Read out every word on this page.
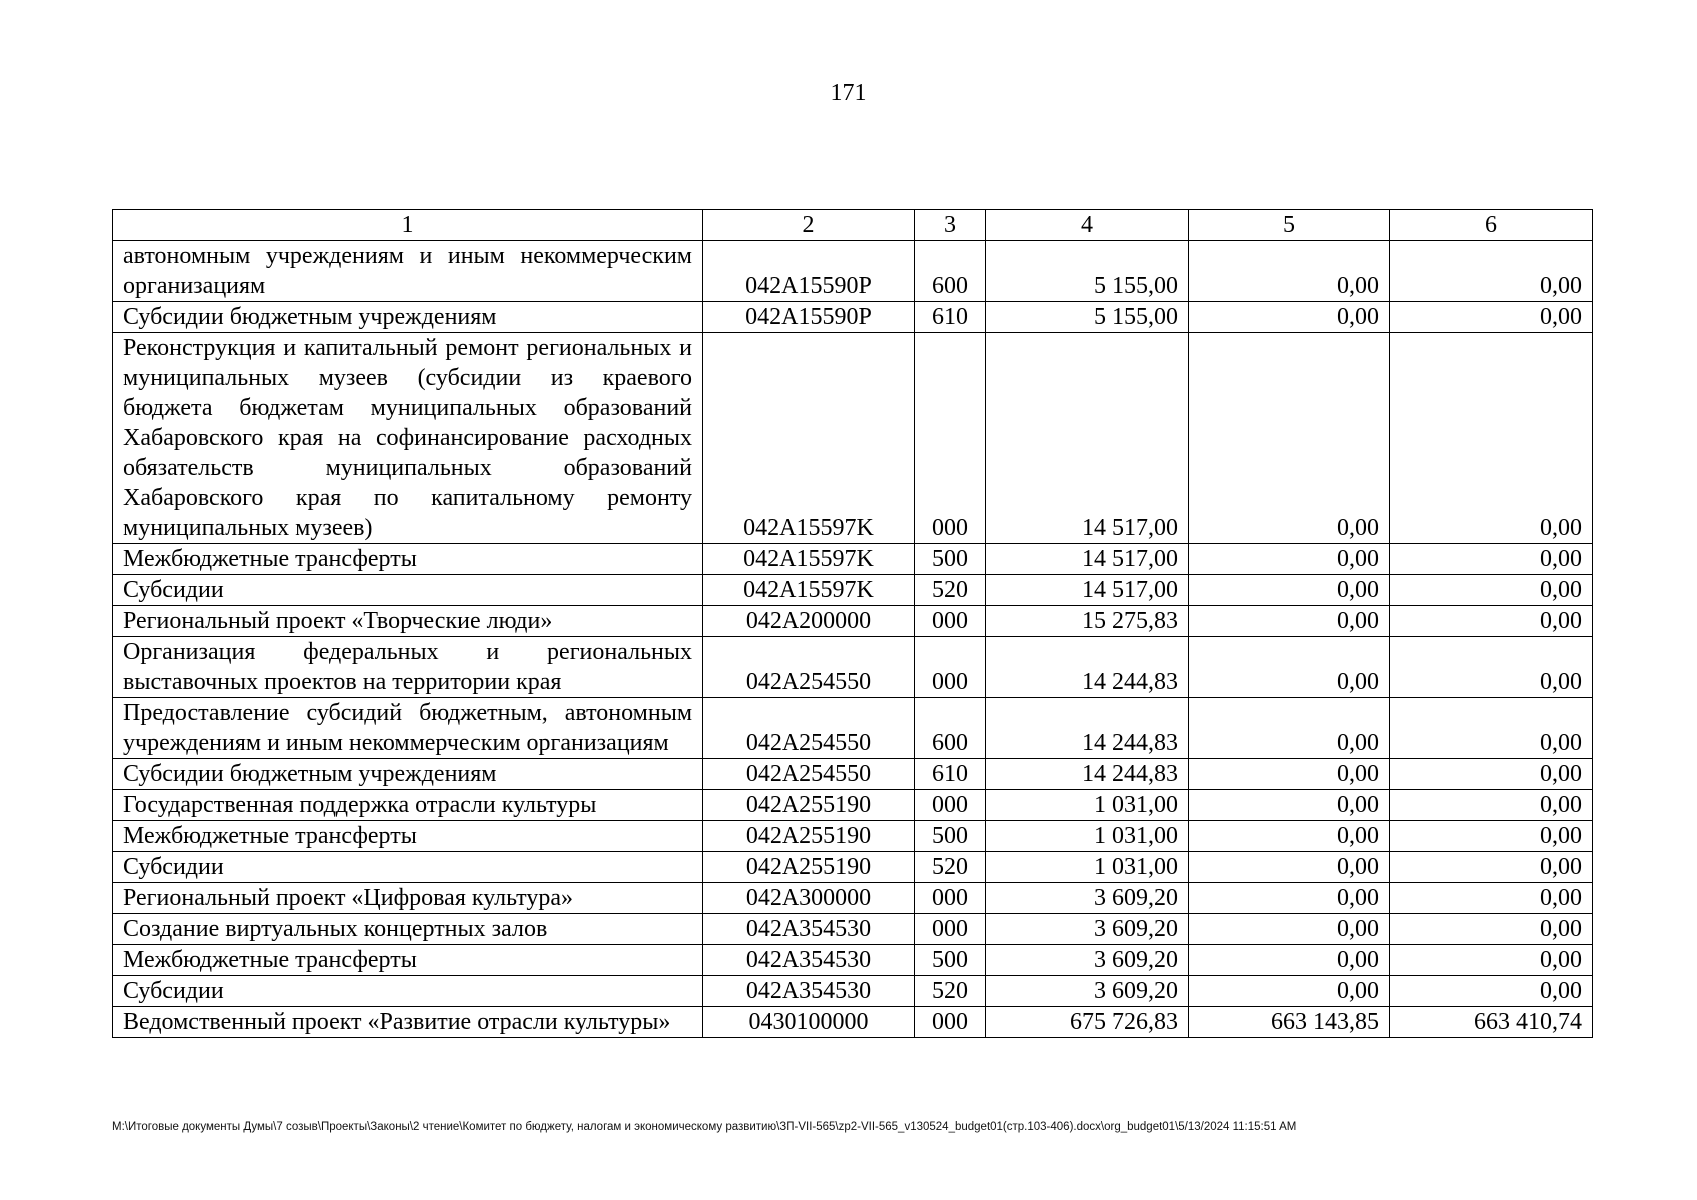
171
1	2	3	4	5	6
автономным учреждениям и иным некоммерческим организациям	042A15590P	600	5 155,00	0,00	0,00
Субсидии бюджетным учреждениям	042A15590P	610	5 155,00	0,00	0,00
Реконструкция и капитальный ремонт региональных и муниципальных музеев (субсидии из краевого бюджета бюджетам муниципальных образований Хабаровского края на софинансирование расходных обязательств муниципальных образований Хабаровского края по капитальному ремонту муниципальных музеев)	042A15597K	000	14 517,00	0,00	0,00
Межбюджетные трансферты	042A15597K	500	14 517,00	0,00	0,00
Субсидии	042A15597K	520	14 517,00	0,00	0,00
Региональный проект «Творческие люди»	042A200000	000	15 275,83	0,00	0,00
Организация федеральных и региональных выставочных проектов на территории края	042A254550	000	14 244,83	0,00	0,00
Предоставление субсидий бюджетным, автономным учреждениям и иным некоммерческим организациям	042A254550	600	14 244,83	0,00	0,00
Субсидии бюджетным учреждениям	042A254550	610	14 244,83	0,00	0,00
Государственная поддержка отрасли культуры	042A255190	000	1 031,00	0,00	0,00
Межбюджетные трансферты	042A255190	500	1 031,00	0,00	0,00
Субсидии	042A255190	520	1 031,00	0,00	0,00
Региональный проект «Цифровая культура»	042A300000	000	3 609,20	0,00	0,00
Создание виртуальных концертных залов	042A354530	000	3 609,20	0,00	0,00
Межбюджетные трансферты	042A354530	500	3 609,20	0,00	0,00
Субсидии	042A354530	520	3 609,20	0,00	0,00
Ведомственный проект «Развитие отрасли культуры»	0430100000	000	675 726,83	663 143,85	663 410,74
M:\Итоговые документы Думы\7 созыв\Проекты\Законы\2 чтение\Комитет по бюджету, налогам и экономическому развитию\ЗП-VII-565\zp2-VII-565_v130524_budget01(стр.103-406).docx\org_budget01\5/13/2024 11:15:51 AM
